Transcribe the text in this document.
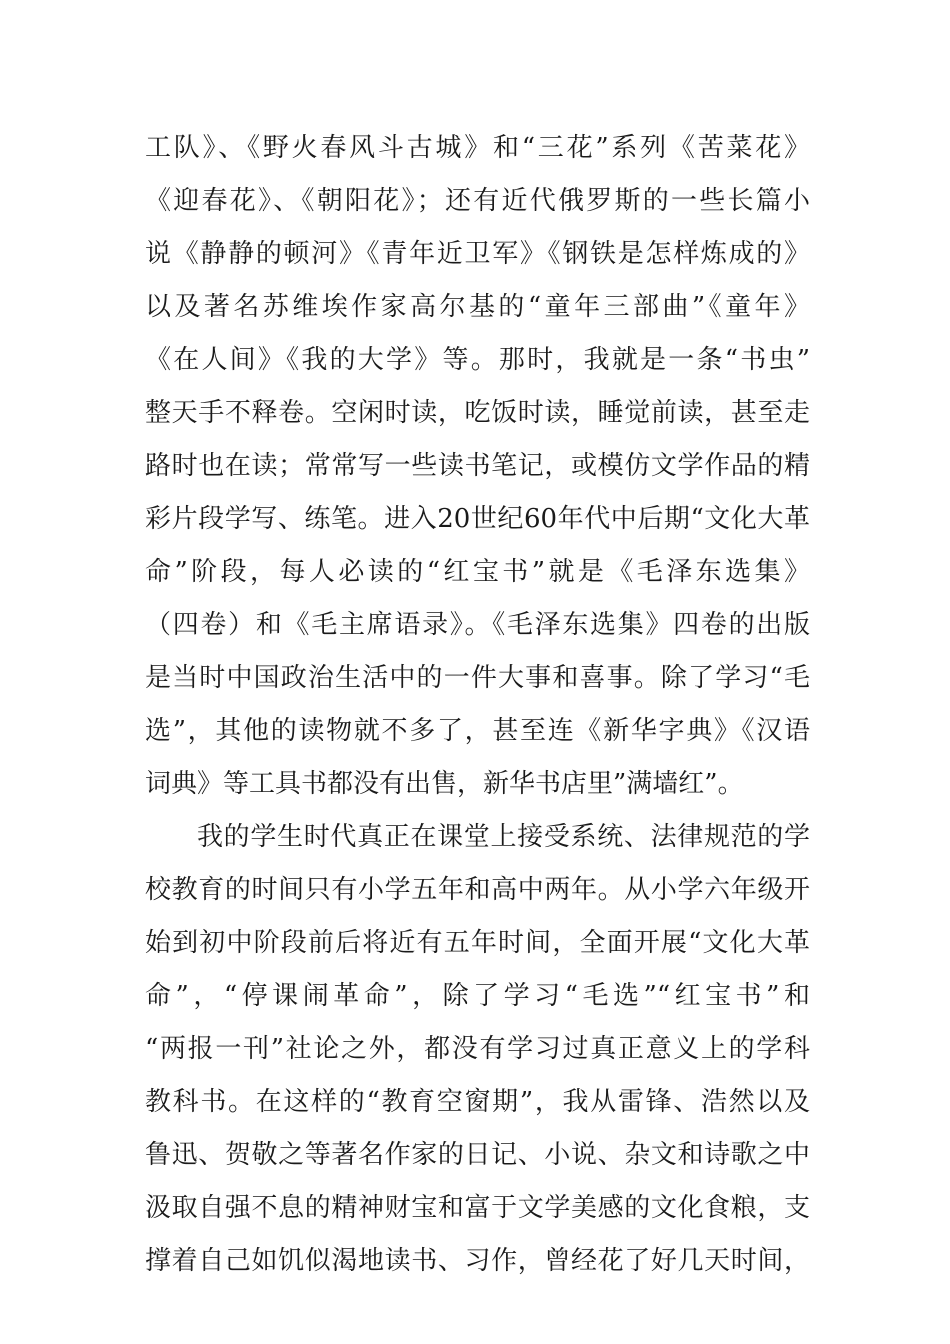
工队》、《野火春风斗古城》和“三花”系列《苦菜花》
《迎春花》、《朝阳花》；还有近代俄罗斯的一些长篇小
说《静静的顿河》《青年近卫军》《钢铁是怎样炼成的》
以及著名苏维埃作家高尔基的“童年三部曲”《童年》
《在人间》《我的大学》等。那时，我就是一条“书虫”
整天手不释卷。空闲时读，吃饭时读，睡觉前读，甚至走
路时也在读；常常写一些读书笔记，或模仿文学作品的精
彩片段学写、练笔。进入20世纪60年代中后期“文化大革
命”阶段，每人必读的“红宝书”就是《毛泽东选集》
（四卷）和《毛主席语录》。《毛泽东选集》四卷的出版
是当时中国政治生活中的一件大事和喜事。除了学习“毛
选”，其他的读物就不多了，甚至连《新华字典》《汉语
词典》等工具书都没有出售，新华书店里”满墙红”。
我的学生时代真正在课堂上接受系统、法律规范的学
校教育的时间只有小学五年和高中两年。从小学六年级开
始到初中阶段前后将近有五年时间，全面开展“文化大革
命”，“停课闹革命”，除了学习“毛选”“红宝书”和
“两报一刊”社论之外，都没有学习过真正意义上的学科
教科书。在这样的“教育空窗期”，我从雷锋、浩然以及
鲁迅、贺敬之等著名作家的日记、小说、杂文和诗歌之中
汲取自强不息的精神财宝和富于文学美感的文化食粮，支
撑着自己如饥似渴地读书、习作，曾经花了好几天时间，
